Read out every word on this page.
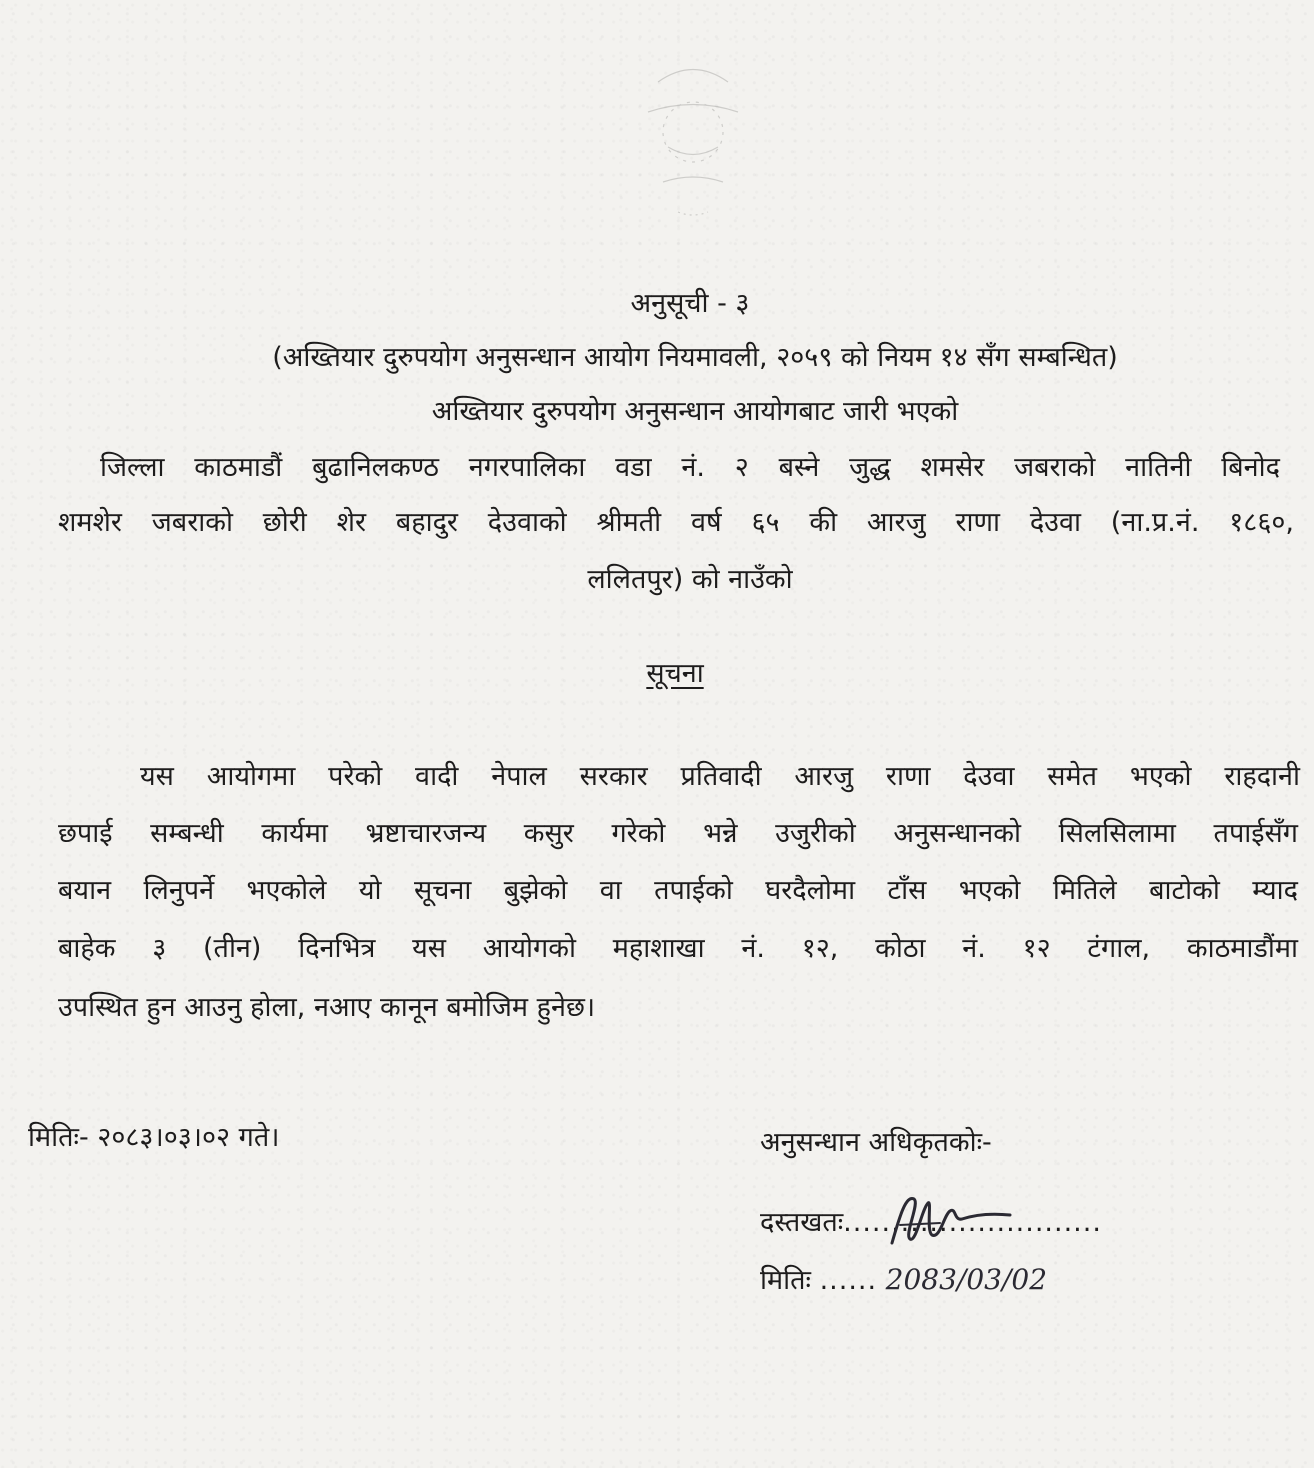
अनुसूची - ३
(अख्तियार दुरुपयोग अनुसन्धान आयोग नियमावली, २०५९ को नियम १४ सँग सम्बन्धित)
अख्तियार दुरुपयोग अनुसन्धान आयोगबाट जारी भएको
जिल्ला काठमाडौं बुढानिलकण्ठ नगरपालिका वडा नं. २ बस्ने जुद्ध शमसेर जबराको नातिनी बिनोद
शमशेर जबराको छोरी शेर बहादुर देउवाको श्रीमती वर्ष ६५ की आरजु राणा देउवा (ना.प्र.नं. १८६०,
ललितपुर) को नाउँको
सूचना
यस आयोगमा परेको वादी नेपाल सरकार प्रतिवादी आरजु राणा देउवा समेत भएको राहदानी
छपाई सम्बन्धी कार्यमा भ्रष्टाचारजन्य कसुर गरेको भन्ने उजुरीको अनुसन्धानको सिलसिलामा तपाईसँग
बयान लिनुपर्ने भएकोले यो सूचना बुझेको वा तपाईको घरदैलोमा टाँस भएको मितिले बाटोको म्याद
बाहेक ३ (तीन) दिनभित्र यस आयोगको महाशाखा नं. १२, कोठा नं. १२ टंगाल, काठमाडौंमा
उपस्थित हुन आउनु होला, नआए कानून बमोजिम हुनेछ।
मितिः- २०८३।०३।०२ गते।	अनुसन्धान अधिकृतकोः-
दस्तखतः...........................
मितिः ...... 2083/03/02
